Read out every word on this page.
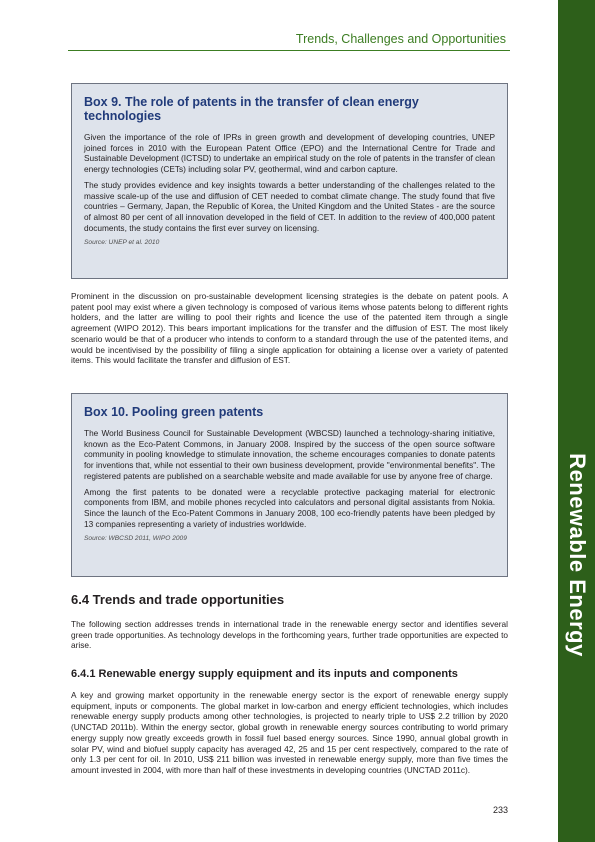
Trends, Challenges and Opportunities
Renewable Energy
Box 9. The role of patents in the transfer of clean energy technologies

Given the importance of the role of IPRs in green growth and development of developing countries, UNEP joined forces in 2010 with the European Patent Office (EPO) and the International Centre for Trade and Sustainable Development (ICTSD) to undertake an empirical study on the role of patents in the transfer of clean energy technologies (CETs) including solar PV, geothermal, wind and carbon capture.

The study provides evidence and key insights towards a better understanding of the challenges related to the massive scale-up of the use and diffusion of CET needed to combat climate change. The study found that five countries – Germany, Japan, the Republic of Korea, the United Kingdom and the United States - are the source of almost 80 per cent of all innovation developed in the field of CET. In addition to the review of 400,000 patent documents, the study contains the first ever survey on licensing.

Source: UNEP et al. 2010

Prominent in the discussion on pro-sustainable development licensing strategies is the debate on patent pools. A patent pool may exist where a given technology is composed of various items whose patents belong to different rights holders, and the latter are willing to pool their rights and licence the use of the patented item through a single agreement (WIPO 2012). This bears important implications for the transfer and the diffusion of EST. The most likely scenario would be that of a producer who intends to conform to a standard through the use of the patented items, and would be incentivised by the possibility of filing a single application for obtaining a license over a variety of patented items. This would facilitate the transfer and diffusion of EST.

Box 10. Pooling green patents

The World Business Council for Sustainable Development (WBCSD) launched a technology-sharing initiative, known as the Eco-Patent Commons, in January 2008. Inspired by the success of the open source software community in pooling knowledge to stimulate innovation, the scheme encourages companies to donate patents for inventions that, while not essential to their own business development, provide "environmental benefits". The registered patents are published on a searchable website and made available for use by anyone free of charge.

Among the first patents to be donated were a recyclable protective packaging material for electronic components from IBM, and mobile phones recycled into calculators and personal digital assistants from Nokia. Since the launch of the Eco-Patent Commons in January 2008, 100 eco-friendly patents have been pledged by 13 companies representing a variety of industries worldwide.

Source: WBCSD 2011, WIPO 2009

6.4 Trends and trade opportunities

The following section addresses trends in international trade in the renewable energy sector and identifies several green trade opportunities. As technology develops in the forthcoming years, further trade opportunities are expected to arise.

6.4.1 Renewable energy supply equipment and its inputs and components

A key and growing market opportunity in the renewable energy sector is the export of renewable energy supply equipment, inputs or components. The global market in low-carbon and energy efficient technologies, which includes renewable energy supply products among other technologies, is projected to nearly triple to US$ 2.2 trillion by 2020 (UNCTAD 2011b). Within the energy sector, global growth in renewable energy sources contributing to world primary energy supply now greatly exceeds growth in fossil fuel based energy sources. Since 1990, annual global growth in solar PV, wind and biofuel supply capacity has averaged 42, 25 and 15 per cent respectively, compared to the rate of only 1.3 per cent for oil. In 2010, US$ 211 billion was invested in renewable energy supply, more than five times the amount invested in 2004, with more than half of these investments in developing countries (UNCTAD 2011c).

233
